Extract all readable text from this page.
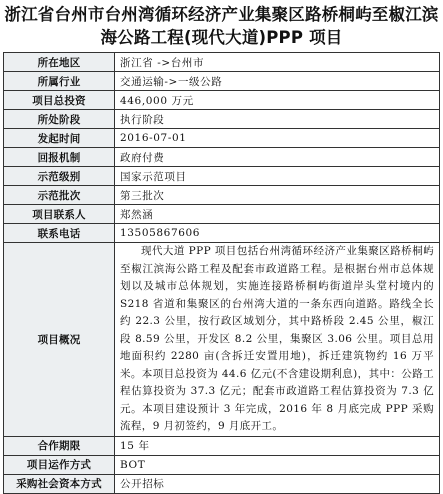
浙江省台州市台州湾循环经济产业集聚区路桥桐屿至椒江滨海公路工程(现代大道)PPP 项目
所在地区	浙江省 ->台州市
所属行业	交通运输->一级公路
项目总投资	446,000 万元
所处阶段	执行阶段
发起时间	2016-07-01
回报机制	政府付费
示范级别	国家示范项目
示范批次	第三批次
项目联系人	郑然涵
联系电话	13505867606
项目概况	现代大道 PPP 项目包括台州湾循环经济产业集聚区路桥桐屿至椒江滨海公路工程及配套市政道路工程。是根据台州市总体规划以及城市总体规划，实施连接路桥桐屿街道岸头堂村境内的 S218 省道和集聚区的台州湾大道的一条东西向道路。路线全长约 22.3 公里，按行政区域划分，其中路桥段 2.45 公里，椒江段 8.59 公里，开发区 8.2 公里，集聚区 3.06 公里。项目总用地面积约 2280 亩(含拆迁安置用地)，拆迁建筑物约 16 万平米。本项目总投资为 44.6 亿元(不含建设期利息)，其中：公路工程估算投资为 37.3 亿元；配套市政道路工程估算投资为 7.3 亿元。本项目建设预计 3 年完成，2016 年 8 月底完成 PPP 采购流程，9 月初签约，9 月底开工。
合作期限	15 年
项目运作方式	BOT
采购社会资本方式	公开招标
